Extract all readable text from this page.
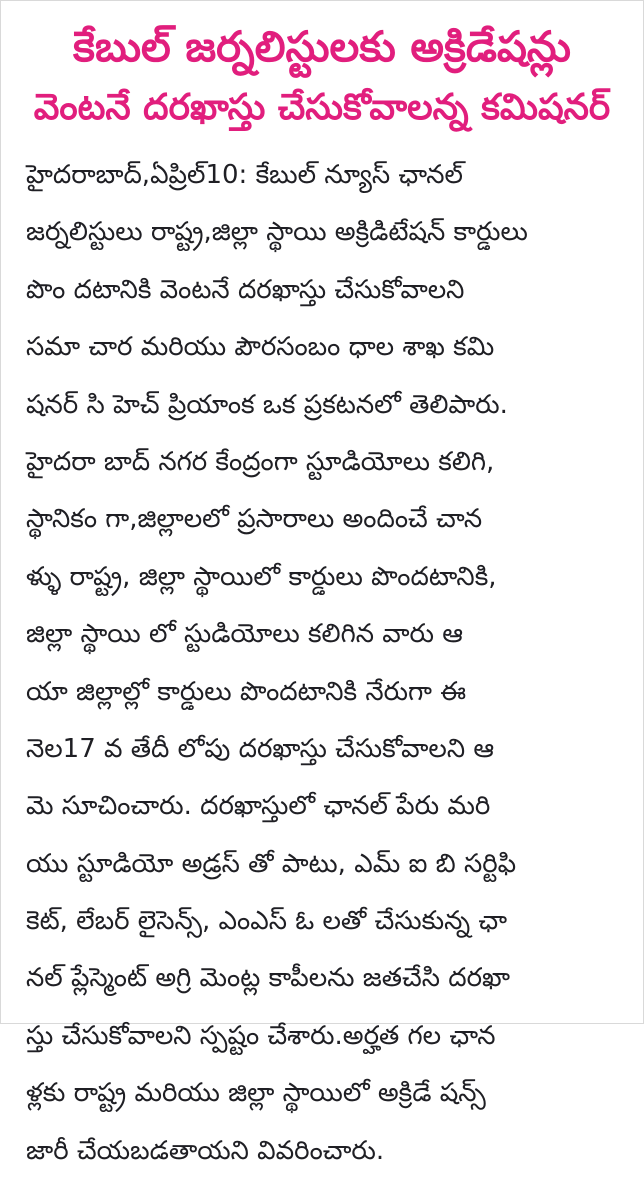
కేబుల్ జర్నలిస్టులకు అక్రిడేషన్లు
వెంటనే దరఖాస్తు చేసుకోవాలన్న కమిషనర్
హైదరాబాద్,ఏప్రిల్10: కేబుల్ న్యూస్ ఛానల్
జర్నలిస్టులు రాష్ట్ర,జిల్లా స్థాయి అక్రిడిటేషన్ కార్డులు
పొం దటానికి వెంటనే దరఖాస్తు చేసుకోవాలని
సమా చార మరియు పౌరసంబం ధాల శాఖ కమి
షనర్ సి హెచ్ ప్రియాంక ఒక ప్రకటనలో తెలిపారు.
హైదరా బాద్ నగర కేంద్రంగా స్టూడియోలు కలిగి,
స్థానికం గా,జిల్లాలలో ప్రసారాలు అందించే చాన
ళ్ళు రాష్ట్ర, జిల్లా స్థాయిలో కార్డులు పొందటానికి,
జిల్లా స్థాయి లో స్టుడియోలు కలిగిన వారు ఆ
యా జిల్లాల్లో కార్డులు పొందటానికి నేరుగా ఈ
నెల17 వ తేదీ లోపు దరఖాస్తు చేసుకోవాలని ఆ
మె సూచించారు. దరఖాస్తులో ఛానల్ పేరు మరి
యు స్టూడియో అడ్రస్ తో పాటు, ఎమ్ ఐ బి సర్టిఫి
కెట్, లేబర్ లైసెన్స్, ఎంఎస్ ఓ లతో చేసుకున్న ఛా
నల్ ప్లేస్మెంట్ అగ్రి మెంట్ల కాపీలను జతచేసి దరఖా
స్తు చేసుకోవాలని స్పష్టం చేశారు.అర్హత గల ఛాన
ళ్లకు రాష్ట్ర మరియు జిల్లా స్థాయిలో అక్రిడే షన్స్
జారీ చేయబడతాయని వివరించారు.
